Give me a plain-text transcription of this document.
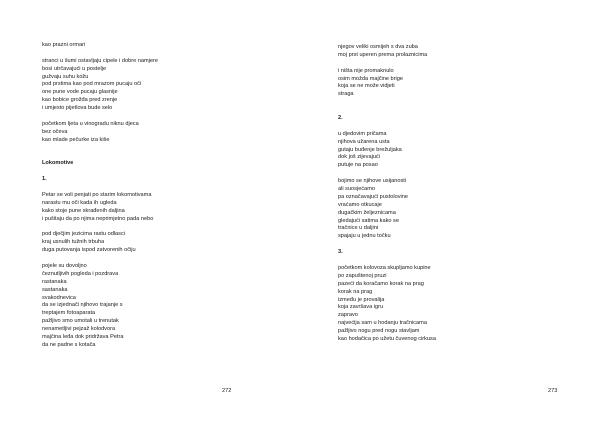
kao prazni ormari
stranci u šumi ostavljaju cipele i dobre namjere
bosi utrčavajući u postelje
gužvaju suhu kožu
pod prstima kao pod mrazom pucaju oči
one pune vode pucaju glasnije
kao bobice grožđa pred zrenje
i umjesto pijetlova bude selo
početkom ljeta u vinogradu niknu djeca
bez očeva
kao mlade pečurke iza kiše
Lokomotive
1.
Petar se voli penjati po starim lokomotivama
narastu mu oči kada ih ugleda
kako stoje pune skrađenih daljina
i pušitaju da po njima neprimjetno pada nebo
pod dječjim jezicima rastu odlasci
kraj usnulih tužnih trbuha
duga putovanja ispod zatvorenih očiju
pojele su dovoljno
čeznutljivih pogleda i pozdrava
rastanaka
sastanaka
svakodnevica
da se izjednači njihovo trajanje s
treptajem fotoaparata
pažljivo smo umotali u trenutak
nenametljivi pejzaž kolodvora
majčina leđa dok pridržava Petra
da ne padne s kotača
272
njegov veliki osmijeh s dva zuba
moj prst uperen prema prolaznicima
i ništa nije promaknulo
osim možda majčine brige
koja se ne može vidjeti
straga
2.
u djedovim pričama
njihova užarena usta
gutaju buđenje brežuljaka
dok još zijevajući
putuje na posao
bojimo se njihove usijanosti
ali suosjećamo
pa označavajući pustolovine
vraćamo otkucaje
dugačkim željeznicama
gledajući satima kako se
tračnice u daljini
spajaju u jednu točku
3.
početkom kolovoza skupljamo kupine
po zapuštenoj pruzi
pazeći da koračamo korak na prag
korak na prag
između je provalija
koja završava igru
zapravo
najvećija sam u hodanju tračnicama
pažljivo nogu pred nogu stavljam
kao hodačica po užetu čuvenog cirkusa
273
